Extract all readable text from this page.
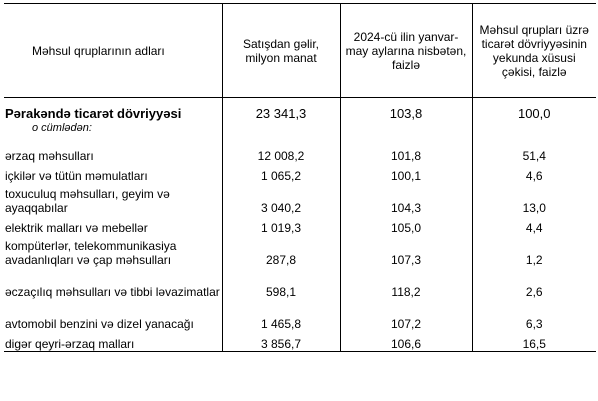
Məhsul qruplarının adları	Satışdan gəlir, milyon manat	2024-cü ilin yanvar-may aylarına nisbətən, faizlə	Məhsul qrupları üzrə ticarət dövriyyəsinin yekunda xüsusi çəkisi, faizlə
Pərakəndə ticarət dövriyyəsi	23 341,3	103,8	100,0
o cümlədən:			
ərzaq məhsulları	12 008,2	101,8	51,4
içkilər və tütün məmulatları	1 065,2	100,1	4,6
toxuculuq məhsulları, geyim və ayaqqabılar	3 040,2	104,3	13,0
elektrik malları və mebellər	1 019,3	105,0	4,4
kompüterlər, telekommunikasiya avadanlıqları və çap məhsulları	287,8	107,3	1,2
əczaçılıq məhsulları və tibbi ləvazimatlar	598,1	118,2	2,6
avtomobil benzini və dizel yanacağı	1 465,8	107,2	6,3
digər qeyri-ərzaq malları	3 856,7	106,6	16,5
